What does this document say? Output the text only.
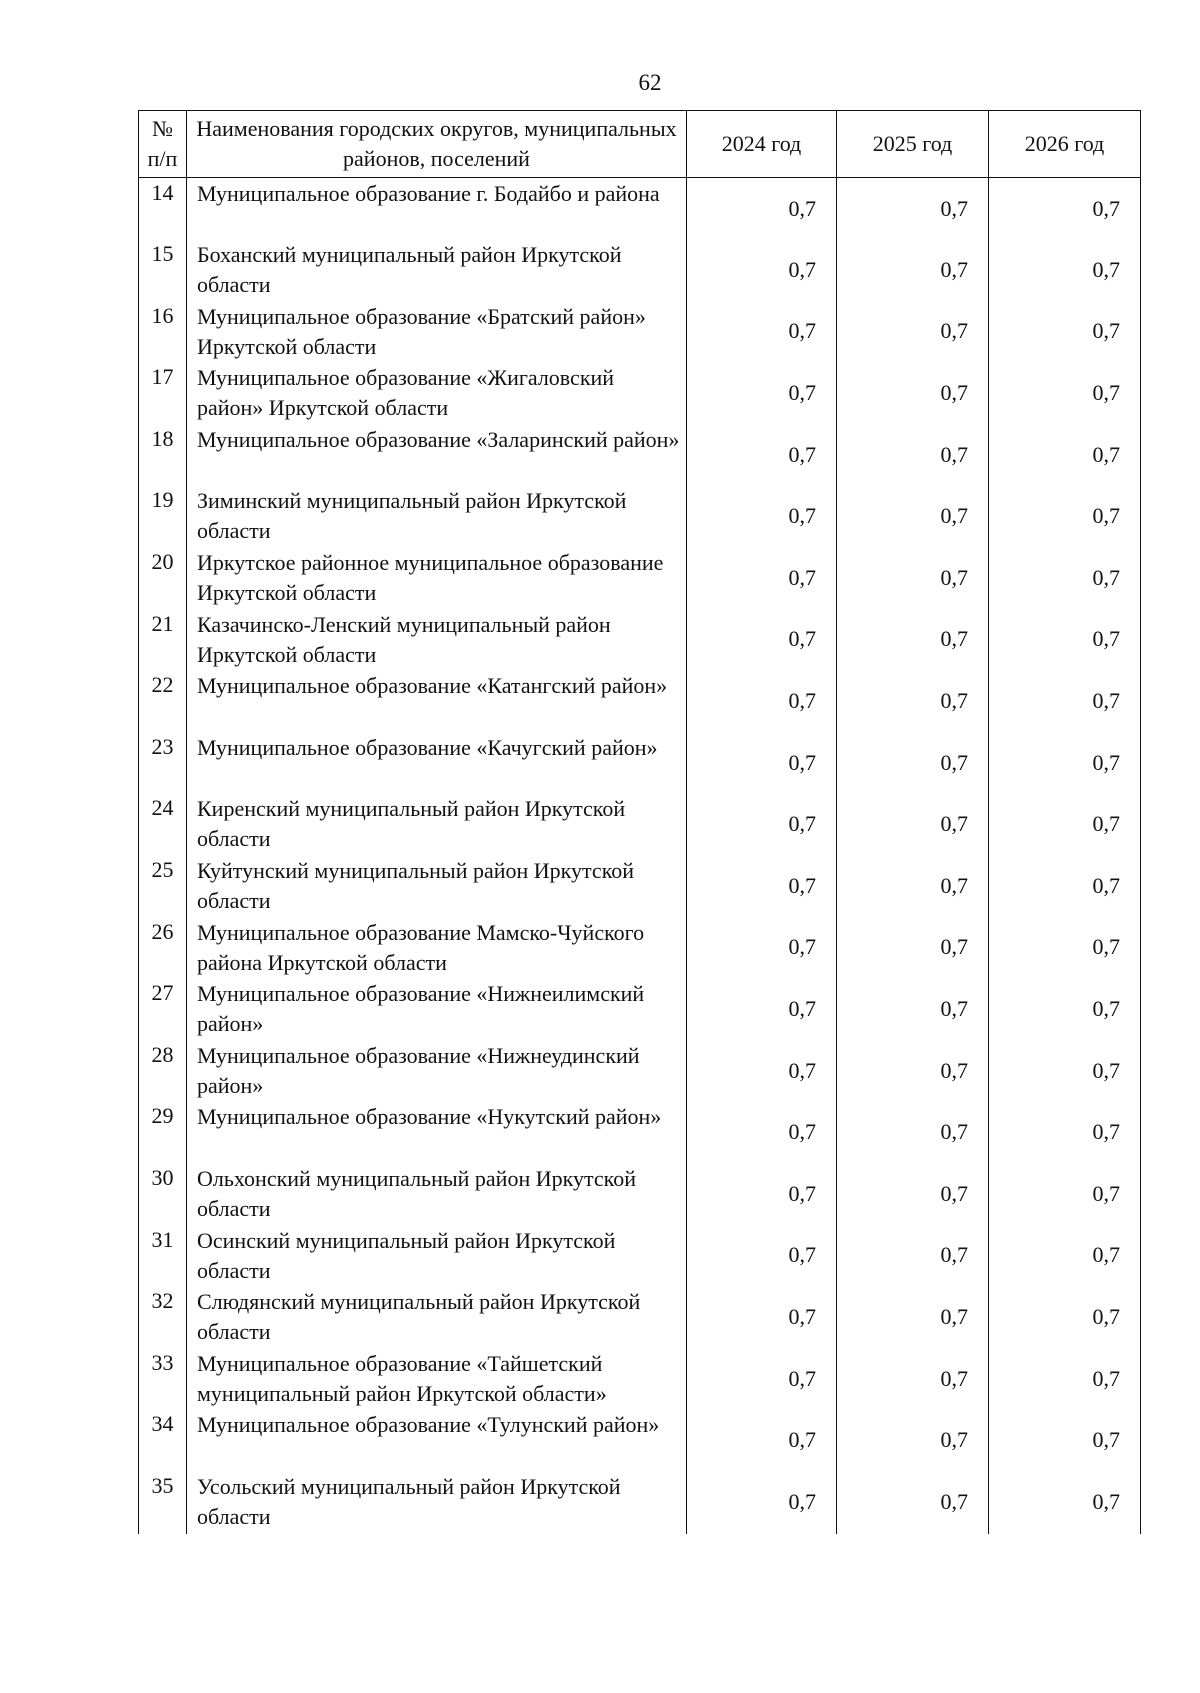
62
№ п/п	Наименования городских округов, муниципальных районов, поселений	2024 год	2025 год	2026 год
14	Муниципальное образование г. Бодайбо и района	0,7	0,7	0,7
15	Боханский муниципальный район Иркутской области	0,7	0,7	0,7
16	Муниципальное образование «Братский район» Иркутской области	0,7	0,7	0,7
17	Муниципальное образование «Жигаловский район» Иркутской области	0,7	0,7	0,7
18	Муниципальное образование «Заларинский район»	0,7	0,7	0,7
19	Зиминский муниципальный район Иркутской области	0,7	0,7	0,7
20	Иркутское районное муниципальное образование Иркутской области	0,7	0,7	0,7
21	Казачинско-Ленский муниципальный район Иркутской области	0,7	0,7	0,7
22	Муниципальное образование «Катангский район»	0,7	0,7	0,7
23	Муниципальное образование «Качугский район»	0,7	0,7	0,7
24	Киренский муниципальный район Иркутской области	0,7	0,7	0,7
25	Куйтунский муниципальный район Иркутской области	0,7	0,7	0,7
26	Муниципальное образование Мамско-Чуйского района Иркутской области	0,7	0,7	0,7
27	Муниципальное образование «Нижнеилимский район»	0,7	0,7	0,7
28	Муниципальное образование «Нижнеудинский район»	0,7	0,7	0,7
29	Муниципальное образование «Нукутский район»	0,7	0,7	0,7
30	Ольхонский муниципальный район Иркутской области	0,7	0,7	0,7
31	Осинский муниципальный район Иркутской области	0,7	0,7	0,7
32	Слюдянский муниципальный район Иркутской области	0,7	0,7	0,7
33	Муниципальное образование «Тайшетский муниципальный район Иркутской области»	0,7	0,7	0,7
34	Муниципальное образование «Тулунский район»	0,7	0,7	0,7
35	Усольский муниципальный район Иркутской области	0,7	0,7	0,7
